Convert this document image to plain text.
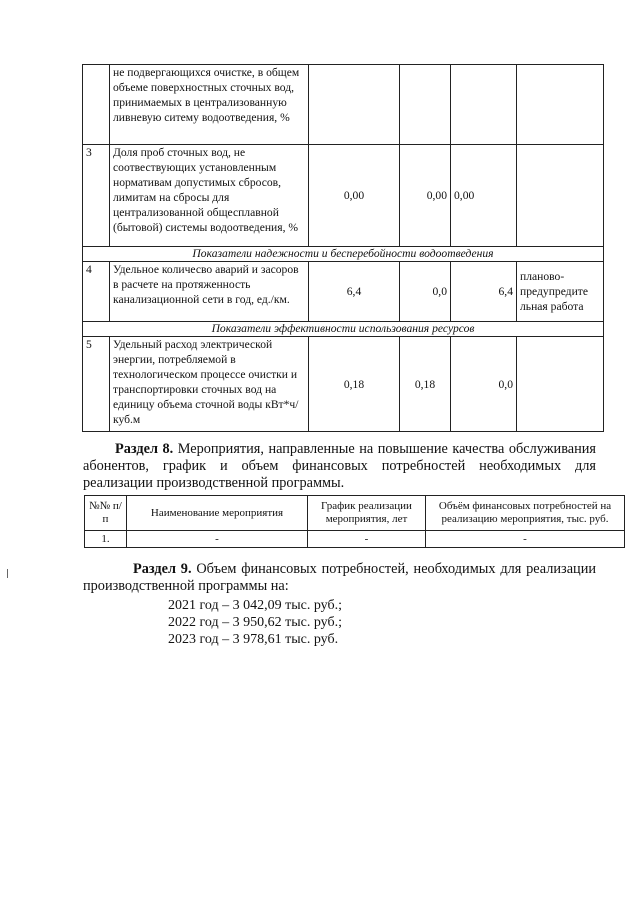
	не подвергающихся очистке, в общем объеме поверхностных сточных вод, принимаемых в централизованную ливневую ситему водоотведения, %				
3	Доля проб сточных вод, не соотвествующих установленным нормативам допустимых сбросов, лимитам на сбросы для централизованной общесплавной (бытовой) системы водоотведения, %	0,00	0,00	0,00	
Показатели надежности и бесперебойности водоотведения					
4	Удельное количесво аварий и засоров в расчете на протяженность канализационной сети в год, ед./км.	6,4	0,0	6,4	планово-предупредите льная работа
Показатели эффективности использования ресурсов					
5	Удельный расход электрической энергии, потребляемой в технологическом процессе очистки и транспортировки сточных вод на единицу объема сточной воды кВт*ч/куб.м	0,18	0,18	0,0	
Раздел 8. Мероприятия, направленные на повышение качества обслуживания абонентов, график и объем финансовых потребностей необходимых для реализации производственной программы.
№№ п/п	Наименование мероприятия	График реализации мероприятия, лет	Объём финансовых потребностей на реализацию мероприятия, тыс. руб.
1.	-	-	-
Раздел 9. Объем финансовых потребностей, необходимых для реализации производственной программы на:
2021 год – 3 042,09 тыс. руб.;
2022 год – 3 950,62 тыс. руб.;
2023 год – 3 978,61 тыс. руб.
